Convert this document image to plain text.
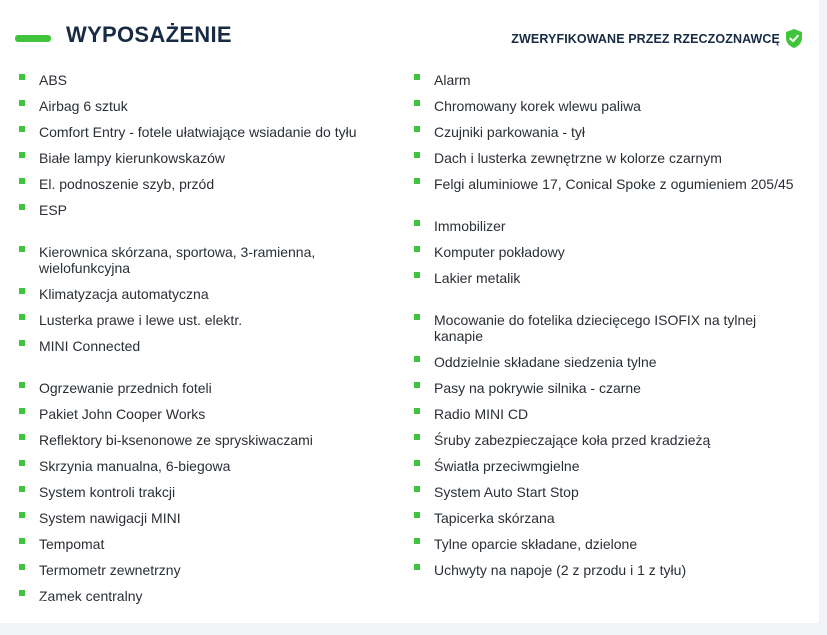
WYPOSAŻENIE	ZWERYFIKOWANE PRZEZ RZECZOZNAWCĘ
ABS
Airbag 6 sztuk
Comfort Entry - fotele ułatwiające wsiadanie do tyłu
Białe lampy kierunkowskazów
El. podnoszenie szyb, przód
ESP
Kierownica skórzana, sportowa, 3-ramienna, wielofunkcyjna
Klimatyzacja automatyczna
Lusterka prawe i lewe ust. elektr.
MINI Connected
Ogrzewanie przednich foteli
Pakiet John Cooper Works
Reflektory bi-ksenonowe ze spryskiwaczami
Skrzynia manualna, 6-biegowa
System kontroli trakcji
System nawigacji MINI
Tempomat
Termometr zewnetrzny
Zamek centralny
Alarm
Chromowany korek wlewu paliwa
Czujniki parkowania - tył
Dach i lusterka zewnętrzne w kolorze czarnym
Felgi aluminiowe 17, Conical Spoke z ogumieniem 205/45
Immobilizer
Komputer pokładowy
Lakier metalik
Mocowanie do fotelika dziecięcego ISOFIX na tylnej kanapie
Oddzielnie składane siedzenia tylne
Pasy na pokrywie silnika - czarne
Radio MINI CD
Śruby zabezpieczające koła przed kradzieżą
Światła przeciwmgielne
System Auto Start Stop
Tapicerka skórzana
Tylne oparcie składane, dzielone
Uchwyty na napoje (2 z przodu i 1 z tyłu)
otomoto
